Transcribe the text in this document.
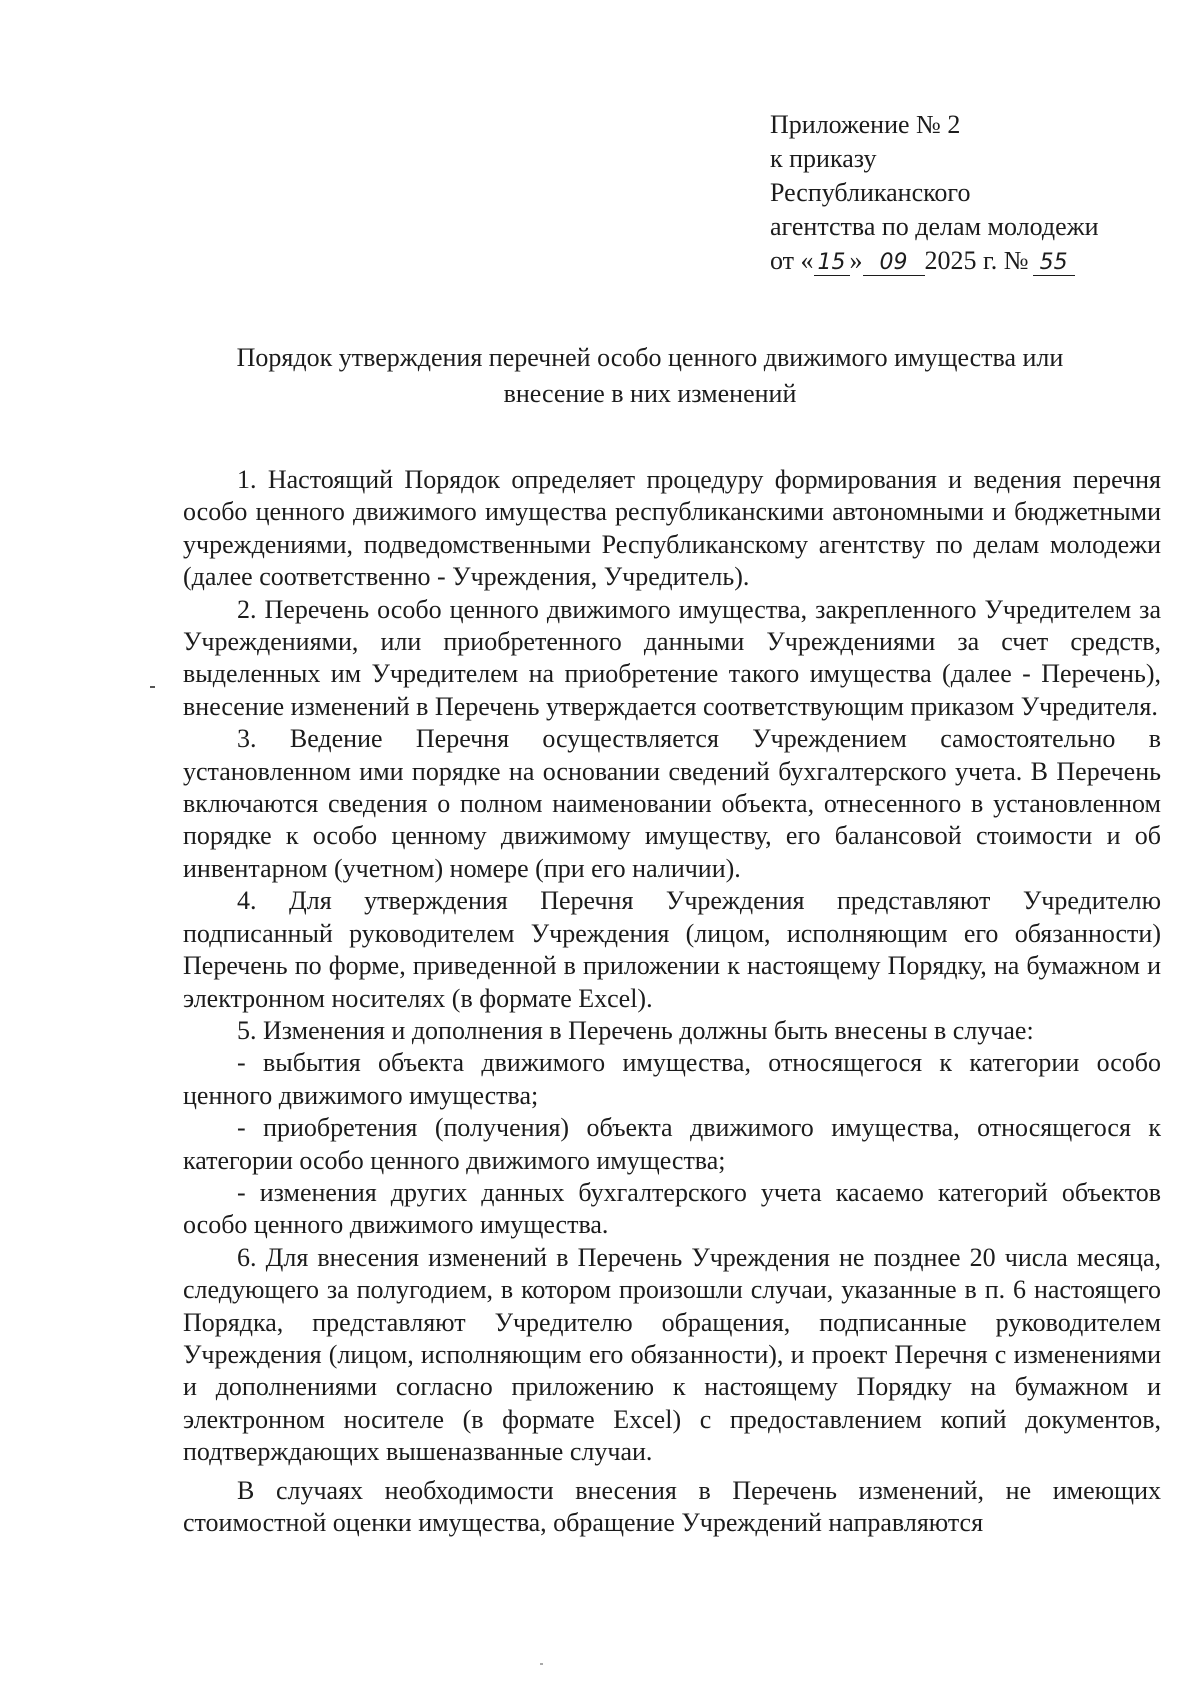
Приложение № 2
к приказу
Республиканского
агентства по делам молодежи
от « 15 » 09 2025 г. № 55
Порядок утверждения перечней особо ценного движимого имущества или
внесение в них изменений

1. Настоящий Порядок определяет процедуру формирования и ведения перечня особо ценного движимого имущества республиканскими автономными и бюджетными учреждениями, подведомственными Республиканскому агентству по делам молодежи (далее соответственно - Учреждения, Учредитель).

2. Перечень особо ценного движимого имущества, закрепленного Учредителем за Учреждениями, или приобретенного данными Учреждениями за счет средств, выделенных им Учредителем на приобретение такого имущества (далее - Перечень), внесение изменений в Перечень утверждается соответствующим приказом Учредителя.

3. Ведение Перечня осуществляется Учреждением самостоятельно в установленном ими порядке на основании сведений бухгалтерского учета. В Перечень включаются сведения о полном наименовании объекта, отнесенного в установленном порядке к особо ценному движимому имуществу, его балансовой стоимости и об инвентарном (учетном) номере (при его наличии).

4. Для утверждения Перечня Учреждения представляют Учредителю подписанный руководителем Учреждения (лицом, исполняющим его обязанности) Перечень по форме, приведенной в приложении к настоящему Порядку, на бумажном и электронном носителях (в формате Excel).

5. Изменения и дополнения в Перечень должны быть внесены в случае:

- выбытия объекта движимого имущества, относящегося к категории особо ценного движимого имущества;

- приобретения (получения) объекта движимого имущества, относящегося к категории особо ценного движимого имущества;

- изменения других данных бухгалтерского учета касаемо категорий объектов особо ценного движимого имущества.

6. Для внесения изменений в Перечень Учреждения не позднее 20 числа месяца, следующего за полугодием, в котором произошли случаи, указанные в п. 6 настоящего Порядка, представляют Учредителю обращения, подписанные руководителем Учреждения (лицом, исполняющим его обязанности), и проект Перечня с изменениями и дополнениями согласно приложению к настоящему Порядку на бумажном и электронном носителе (в формате Excel) с предоставлением копий документов, подтверждающих вышеназванные случаи.

В случаях необходимости внесения в Перечень изменений, не имеющих стоимостной оценки имущества, обращение Учреждений направляются
